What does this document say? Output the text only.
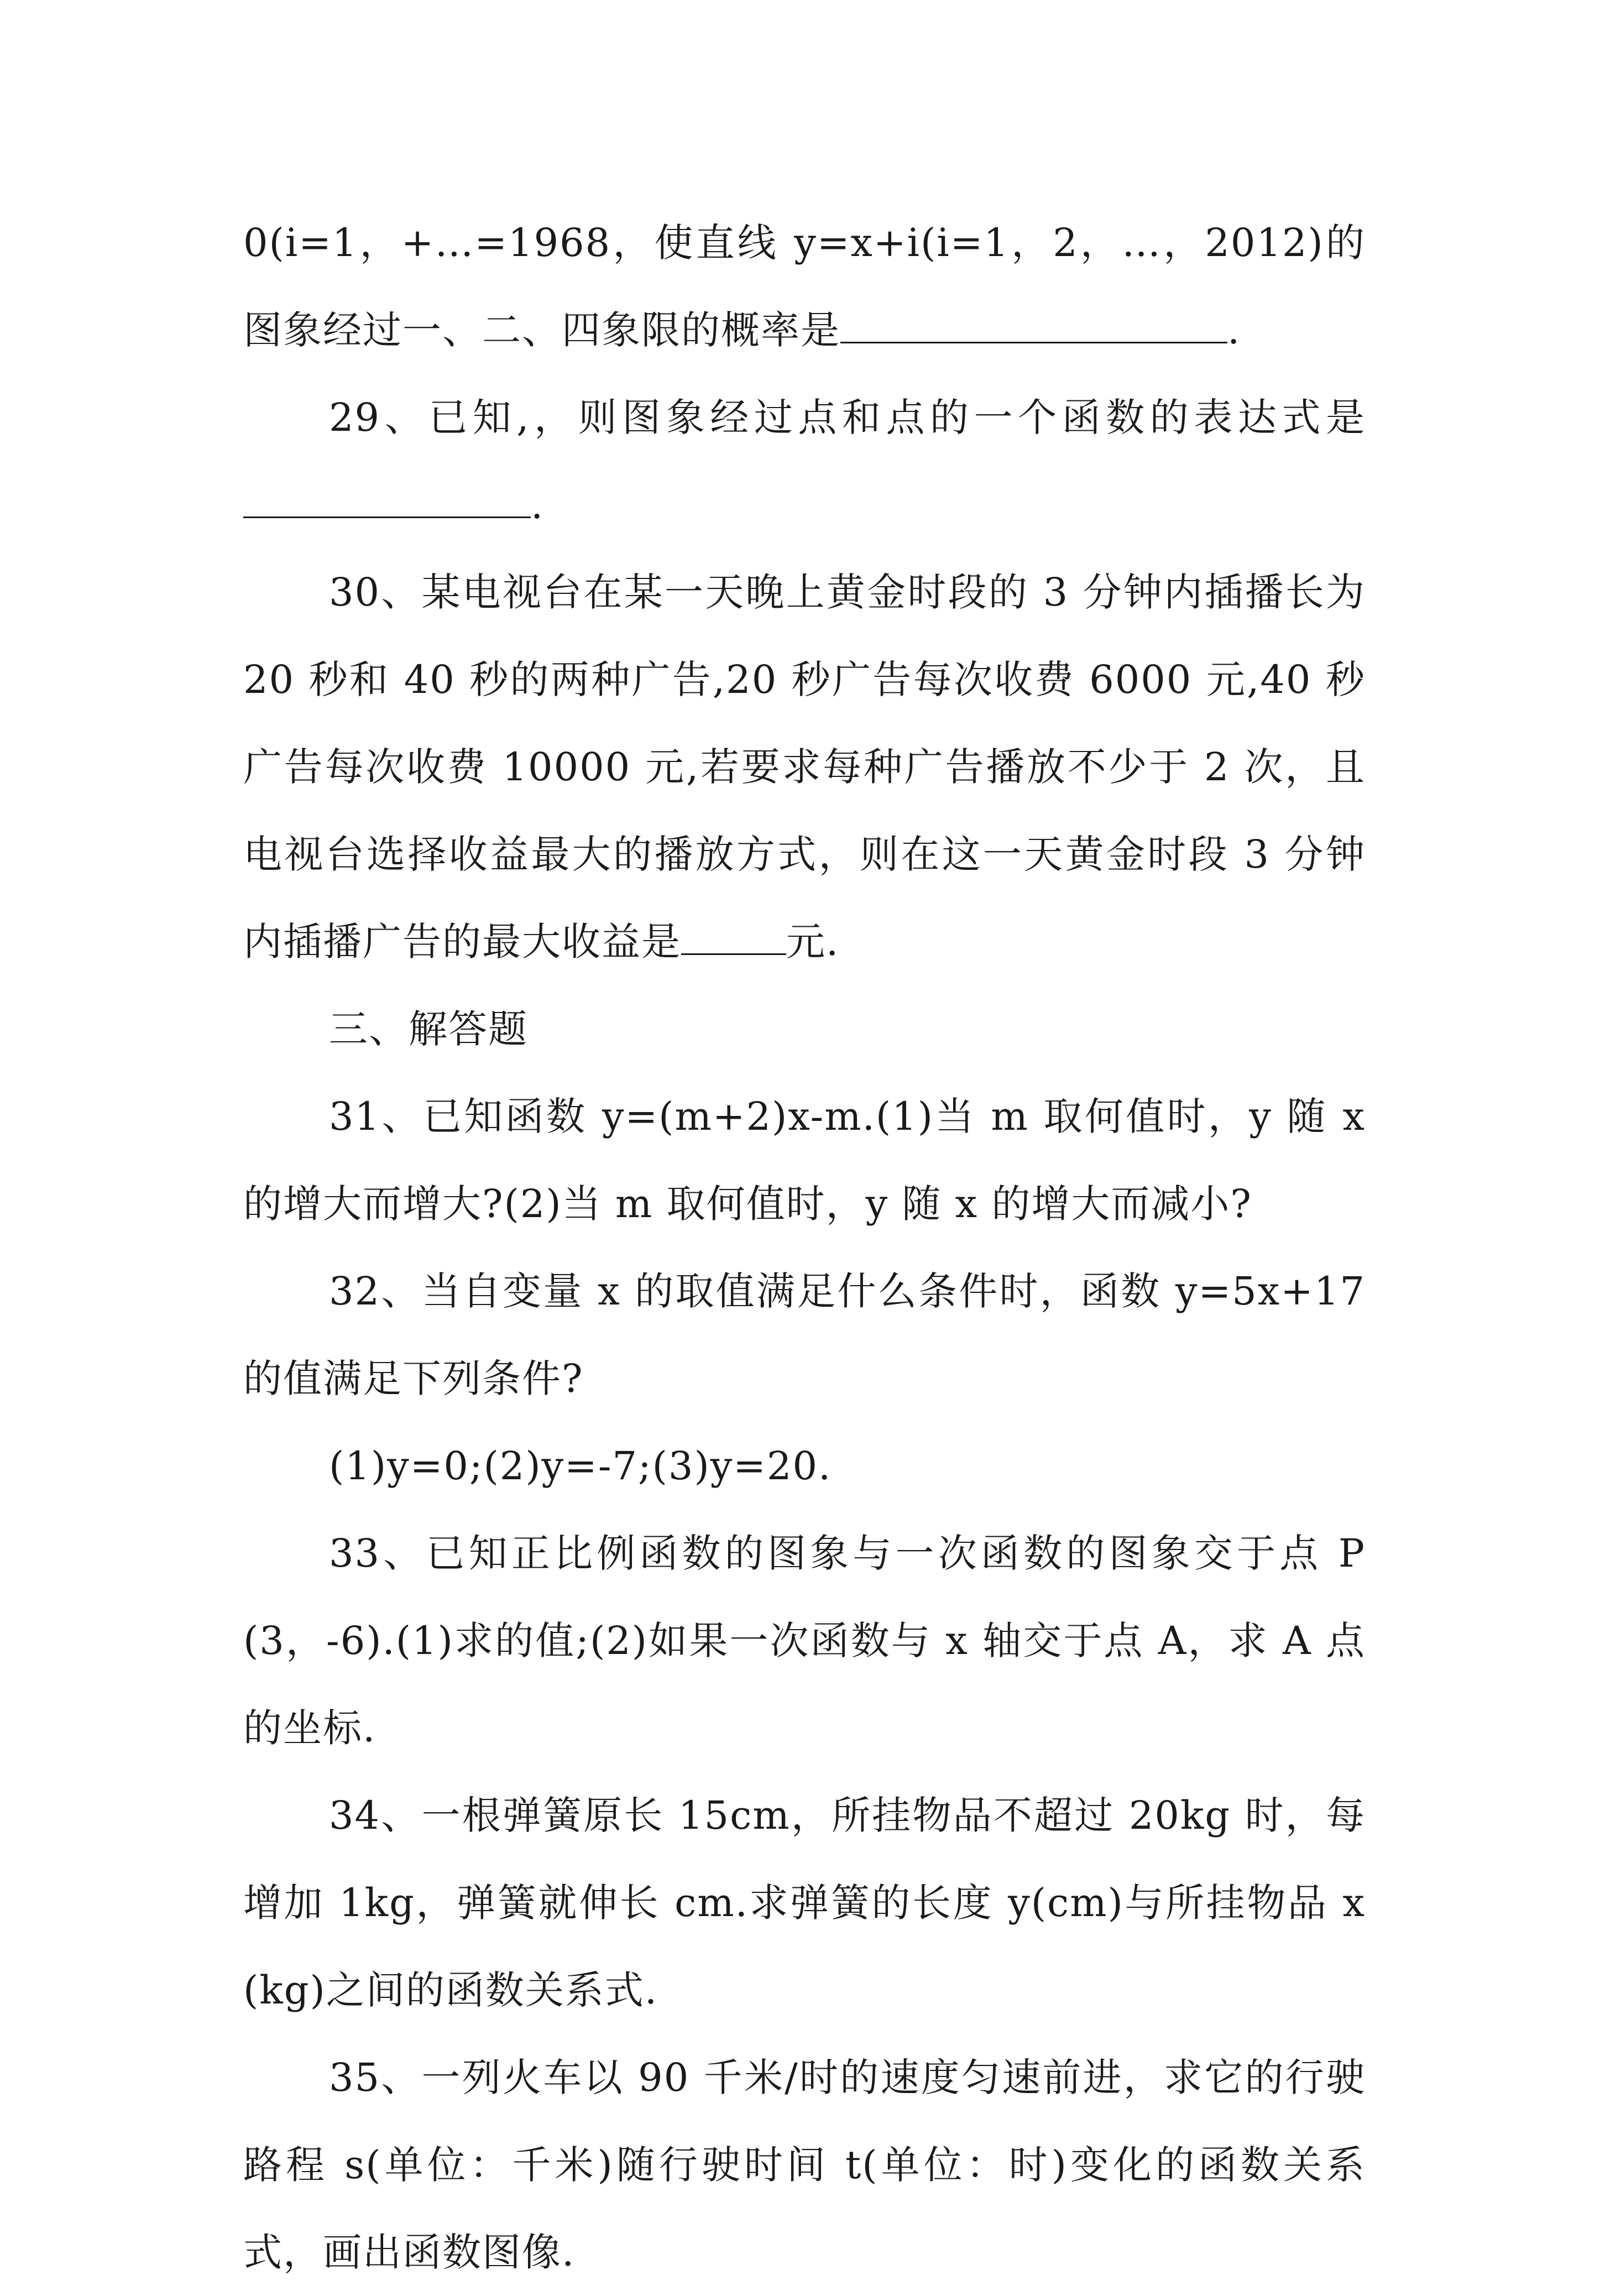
0(i=1，+…=1968，使直线 y=x+i(i=1，2，…，2012)的图象经过一、二、四象限的概率是	.

29、已知,，则图象经过点和点的一个函数的表达式是.

30、某电视台在某一天晚上黄金时段的 3 分钟内插播长为 20 秒和 40 秒的两种广告,20 秒广告每次收费 6000 元,40 秒广告每次收费 10000 元,若要求每种广告播放不少于 2 次，且电视台选择收益最大的播放方式，则在这一天黄金时段 3 分钟内插播广告的最大收益是	元.

三、解答题

31、已知函数 y=(m+2)x-m.(1)当 m 取何值时，y 随 x 的增大而增大?(2)当 m 取何值时，y 随 x 的增大而减小?

32、当自变量 x 的取值满足什么条件时，函数 y=5x+17 的值满足下列条件?

(1)y=0;(2)y=-7;(3)y=20.

33、已知正比例函数的图象与一次函数的图象交于点 P(3，-6).(1)求的值;(2)如果一次函数与 x 轴交于点 A，求 A 点的坐标.

34、一根弹簧原长 15cm，所挂物品不超过 20kg 时，每增加 1kg，弹簧就伸长 cm.求弹簧的长度 y(cm)与所挂物品 x(kg)之间的函数关系式.

35、一列火车以 90 千米/时的速度匀速前进，求它的行驶路程 s(单位：千米)随行驶时间 t(单位：时)变化的函数关系式，画出函数图像.
